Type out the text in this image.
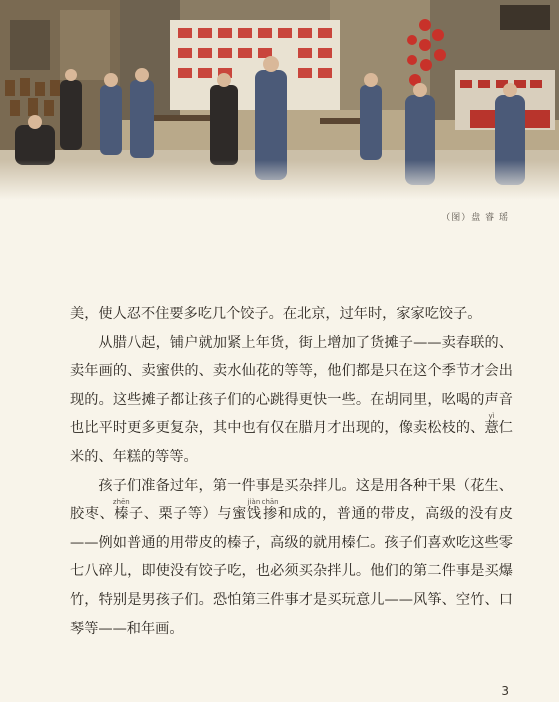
（图）盘 睿 瑶

美，使人忍不住要多吃几个饺子。在北京，过年时，家家吃饺子。

从腊八起，铺户就加紧上年货，街上增加了货摊子——卖春联的、卖年画的、卖蜜供的、卖水仙花的等等，他们都是只在这个季节才会出现的。这些摊子都让孩子们的心跳得更快一些。在胡同里，吆喝的声音也比平时更多更复杂，其中也有仅在腊月才出现的，像卖松枝的、薏yì仁米的、年糕的等等。

孩子们准备过年，第一件事是买杂拌儿。这是用各种干果（花生、胶枣、榛zhēn子、栗子等）与蜜饯jiàn掺chān和成的，普通的带皮，高级的没有皮——例如普通的用带皮的榛子，高级的就用榛仁。孩子们喜欢吃这些零七八碎儿，即使没有饺子吃，也必须买杂拌儿。他们的第二件事是买爆竹，特别是男孩子们。恐怕第三件事才是买玩意儿——风筝、空竹、口琴等——和年画。

3
